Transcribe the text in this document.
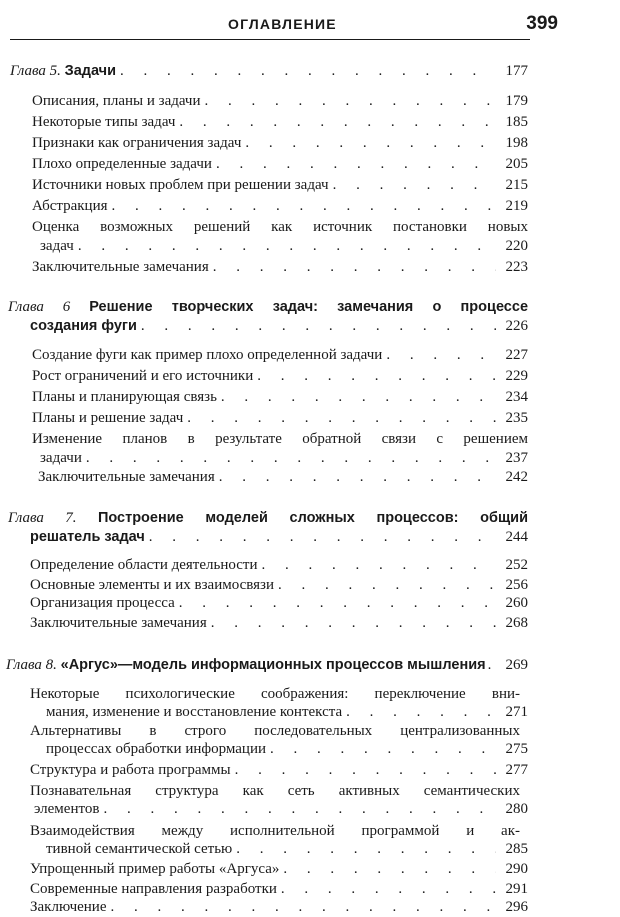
ОГЛАВЛЕНИЕ	399
Глава 5. Задачи . . .	177
Описания, планы и задачи . . .	179
Некоторые типы задач . . .	185
Признаки как ограничения задач . . .	198
Плохо определенные задачи . . .	205
Источники новых проблем при решении задач . . .	215
Абстракция . . .	219
Оценка возможных решений как источник постановки новых
задач . . .	220
Заключительные замечания . . .	223
Глава 6 Решение творческих задач: замечания о процессе
создания фуги . . .	226
Создание фуги как пример плохо определенной задачи . . .	227
Рост ограничений и его источники . . .	229
Планы и планирующая связь . . .	234
Планы и решение задач . . .	235
Изменение планов в результате обратной связи с решением
задачи . . .	237
Заключительные замечания . . .	242
Глава 7. Построение моделей сложных процессов: общий
решатель задач . . .	244
Определение области деятельности . . .	252
Основные элементы и их взаимосвязи . . .	256
Организация процесса . . .	260
Заключительные замечания . . .	268
Глава 8. «Аргус»—модель информационных процессов мышления . . .	269
Некоторые психологические соображения: переключение вни-
мания, изменение и восстановление контекста . . .	271
Альтернативы в строго последовательных централизованных
процессах обработки информации . . .	275
Структура и работа программы . . .	277
Познавательная структура как сеть активных семантических
элементов . . .	280
Взаимодействия между исполнительной программой и ак-
тивной семантической сетью . . .	285
Упрощенный пример работы «Аргуса» . . .	290
Современные направления разработки . . .	291
Заключение . . .	296
